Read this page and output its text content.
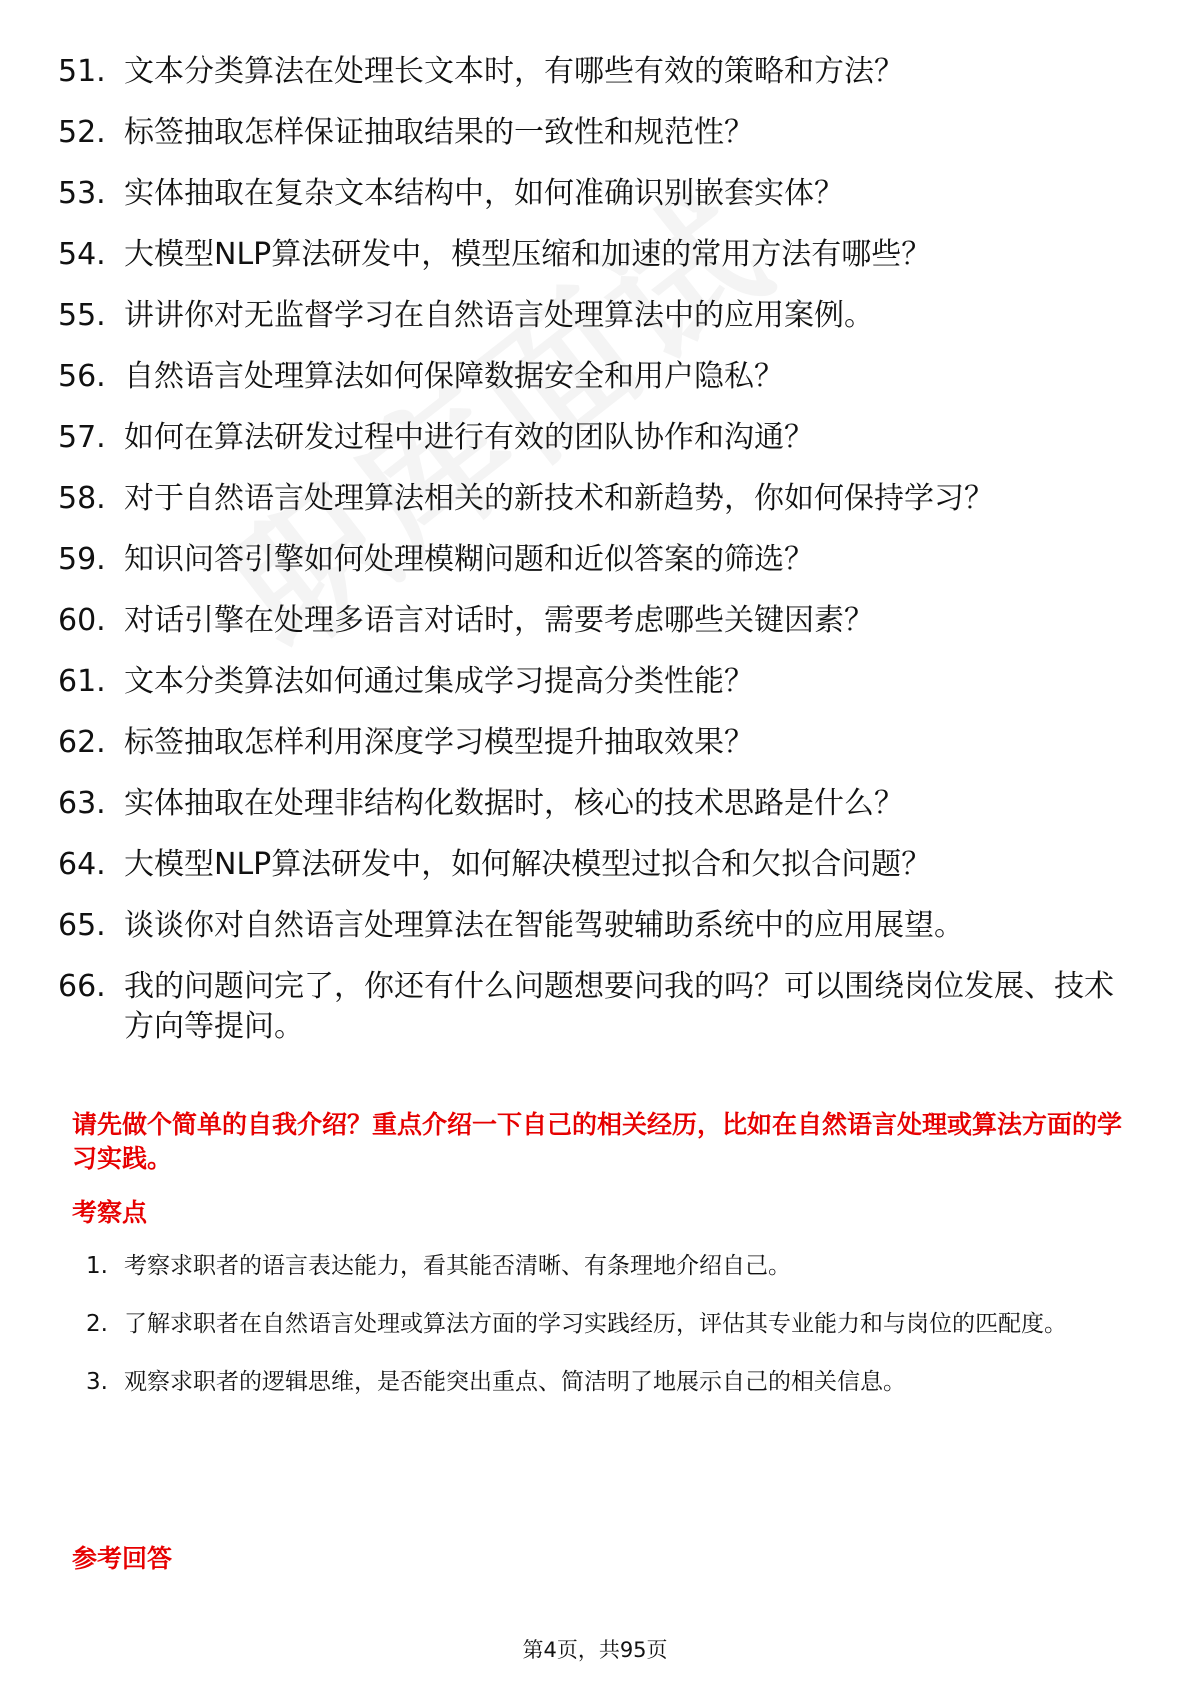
51. 文本分类算法在处理长文本时，有哪些有效的策略和方法？
52. 标签抽取怎样保证抽取结果的一致性和规范性？
53. 实体抽取在复杂文本结构中，如何准确识别嵌套实体？
54. 大模型NLP算法研发中，模型压缩和加速的常用方法有哪些？
55. 讲讲你对无监督学习在自然语言处理算法中的应用案例。
56. 自然语言处理算法如何保障数据安全和用户隐私？
57. 如何在算法研发过程中进行有效的团队协作和沟通？
58. 对于自然语言处理算法相关的新技术和新趋势，你如何保持学习？
59. 知识问答引擎如何处理模糊问题和近似答案的筛选？
60. 对话引擎在处理多语言对话时，需要考虑哪些关键因素？
61. 文本分类算法如何通过集成学习提高分类性能？
62. 标签抽取怎样利用深度学习模型提升抽取效果？
63. 实体抽取在处理非结构化数据时，核心的技术思路是什么？
64. 大模型NLP算法研发中，如何解决模型过拟合和欠拟合问题？
65. 谈谈你对自然语言处理算法在智能驾驶辅助系统中的应用展望。
66. 我的问题问完了，你还有什么问题想要问我的吗？可以围绕岗位发展、技术方向等提问。

请先做个简单的自我介绍？重点介绍一下自己的相关经历，比如在自然语言处理或算法方面的学习实践。

考察点

1. 考察求职者的语言表达能力，看其能否清晰、有条理地介绍自己。
2. 了解求职者在自然语言处理或算法方面的学习实践经历，评估其专业能力和与岗位的匹配度。
3. 观察求职者的逻辑思维，是否能突出重点、简洁明了地展示自己的相关信息。

参考回答

第4页，共95页
